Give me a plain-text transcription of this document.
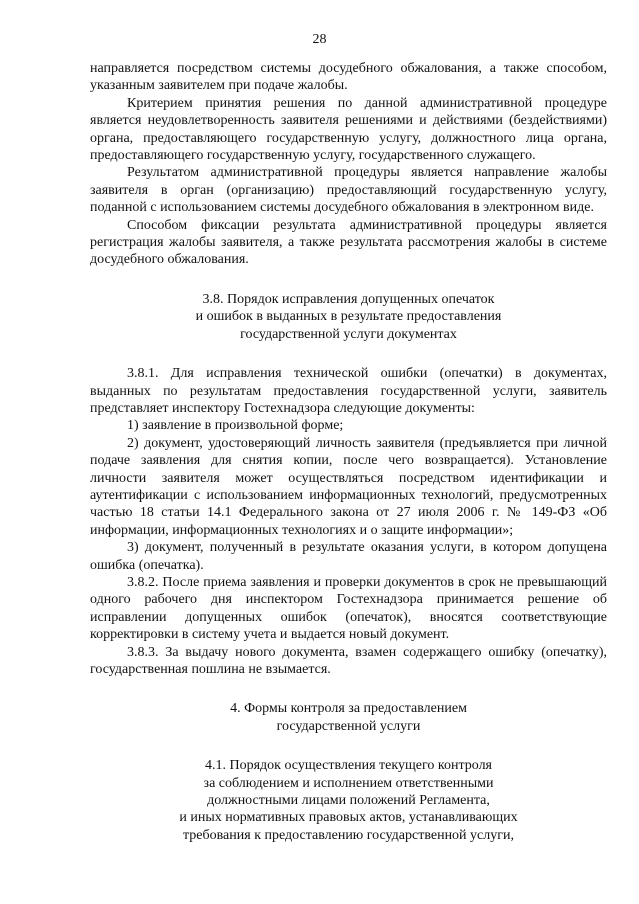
28

направляется посредством системы досудебного обжалования, а также способом, указанным заявителем при подаче жалобы.

Критерием принятия решения по данной административной процедуре является неудовлетворенность заявителя решениями и действиями (бездействиями) органа, предоставляющего государственную услугу, должностного лица органа, предоставляющего государственную услугу, государственного служащего.

Результатом административной процедуры является направление жалобы заявителя в орган (организацию) предоставляющий государственную услугу, поданной с использованием системы досудебного обжалования в электронном виде.

Способом фиксации результата административной процедуры является регистрация жалобы заявителя, а также результата рассмотрения жалобы в системе досудебного обжалования.

3.8. Порядок исправления допущенных опечаток

и ошибок в выданных в результате предоставления

государственной услуги документах

3.8.1. Для исправления технической ошибки (опечатки) в документах, выданных по результатам предоставления государственной услуги, заявитель представляет инспектору Гостехнадзора следующие документы:

1) заявление в произвольной форме;

2) документ, удостоверяющий личность заявителя (предъявляется при личной подаче заявления для снятия копии, после чего возвращается). Установление личности заявителя может осуществляться посредством идентификации и аутентификации с использованием информационных технологий, предусмотренных частью 18 статьи 14.1 Федерального закона от 27 июля 2006 г. № 149-ФЗ «Об информации, информационных технологиях и о защите информации»;

3) документ, полученный в результате оказания услуги, в котором допущена ошибка (опечатка).

3.8.2. После приема заявления и проверки документов в срок не превышающий одного рабочего дня инспектором Гостехнадзора принимается решение об исправлении допущенных ошибок (опечаток), вносятся соответствующие корректировки в систему учета и выдается новый документ.

3.8.3. За выдачу нового документа, взамен содержащего ошибку (опечатку), государственная пошлина не взымается.

4. Формы контроля за предоставлением

государственной услуги

4.1. Порядок осуществления текущего контроля

за соблюдением и исполнением ответственными

должностными лицами положений Регламента,

и иных нормативных правовых актов, устанавливающих

требования к предоставлению государственной услуги,
